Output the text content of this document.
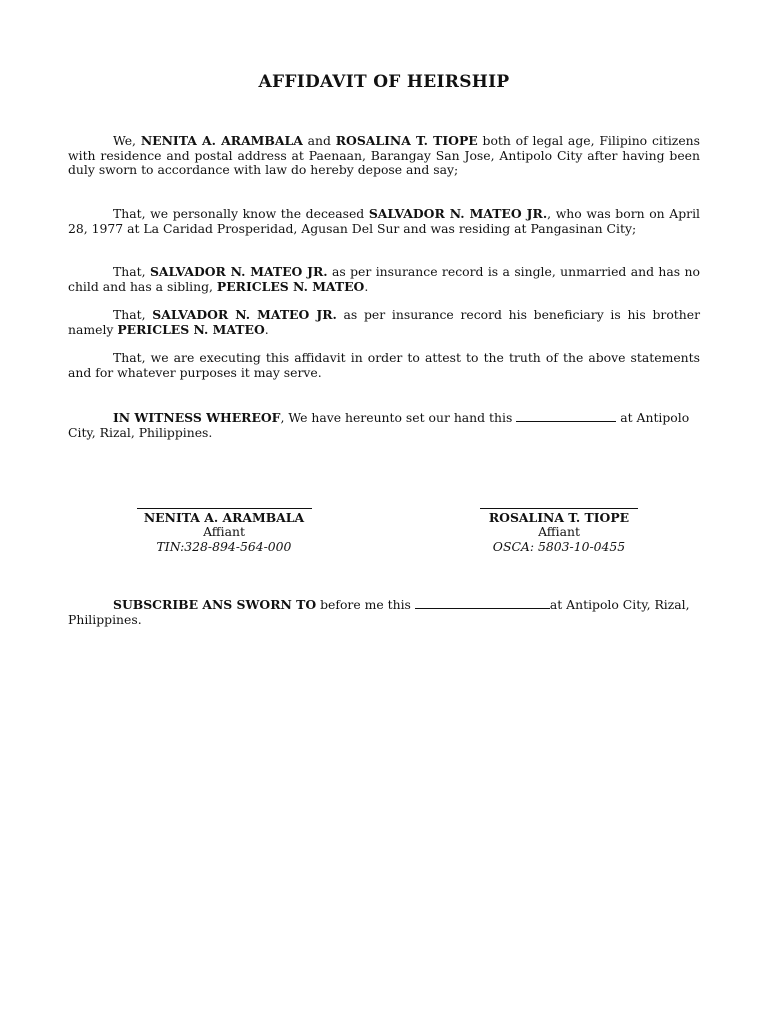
AFFIDAVIT OF HEIRSHIP

We, NENITA A. ARAMBALA and ROSALINA T. TIOPE both of legal age, Filipino citizens with residence and postal address at Paenaan, Barangay San Jose, Antipolo City after having been duly sworn to accordance with law do hereby depose and say;

That, we personally know the deceased SALVADOR N. MATEO JR., who was born on April 28, 1977 at La Caridad Prosperidad, Agusan Del Sur and was residing at Pangasinan City;

That, SALVADOR N. MATEO JR. as per insurance record is a single, unmarried and has no child and has a sibling, PERICLES N. MATEO.

That, SALVADOR N. MATEO JR. as per insurance record his beneficiary is his brother namely PERICLES N. MATEO.

That, we are executing this affidavit in order to attest to the truth of the above statements and for whatever purposes it may serve.

IN WITNESS WHEREOF, We have hereunto set our hand this	at Antipolo City, Rizal, Philippines.

NENITA A. ARAMBALA
Affiant
TIN:328-894-564-000
ROSALINA T. TIOPE
Affiant
OSCA: 5803-10-0455

SUBSCRIBE ANS SWORN TO before me this	at Antipolo City, Rizal, Philippines.
